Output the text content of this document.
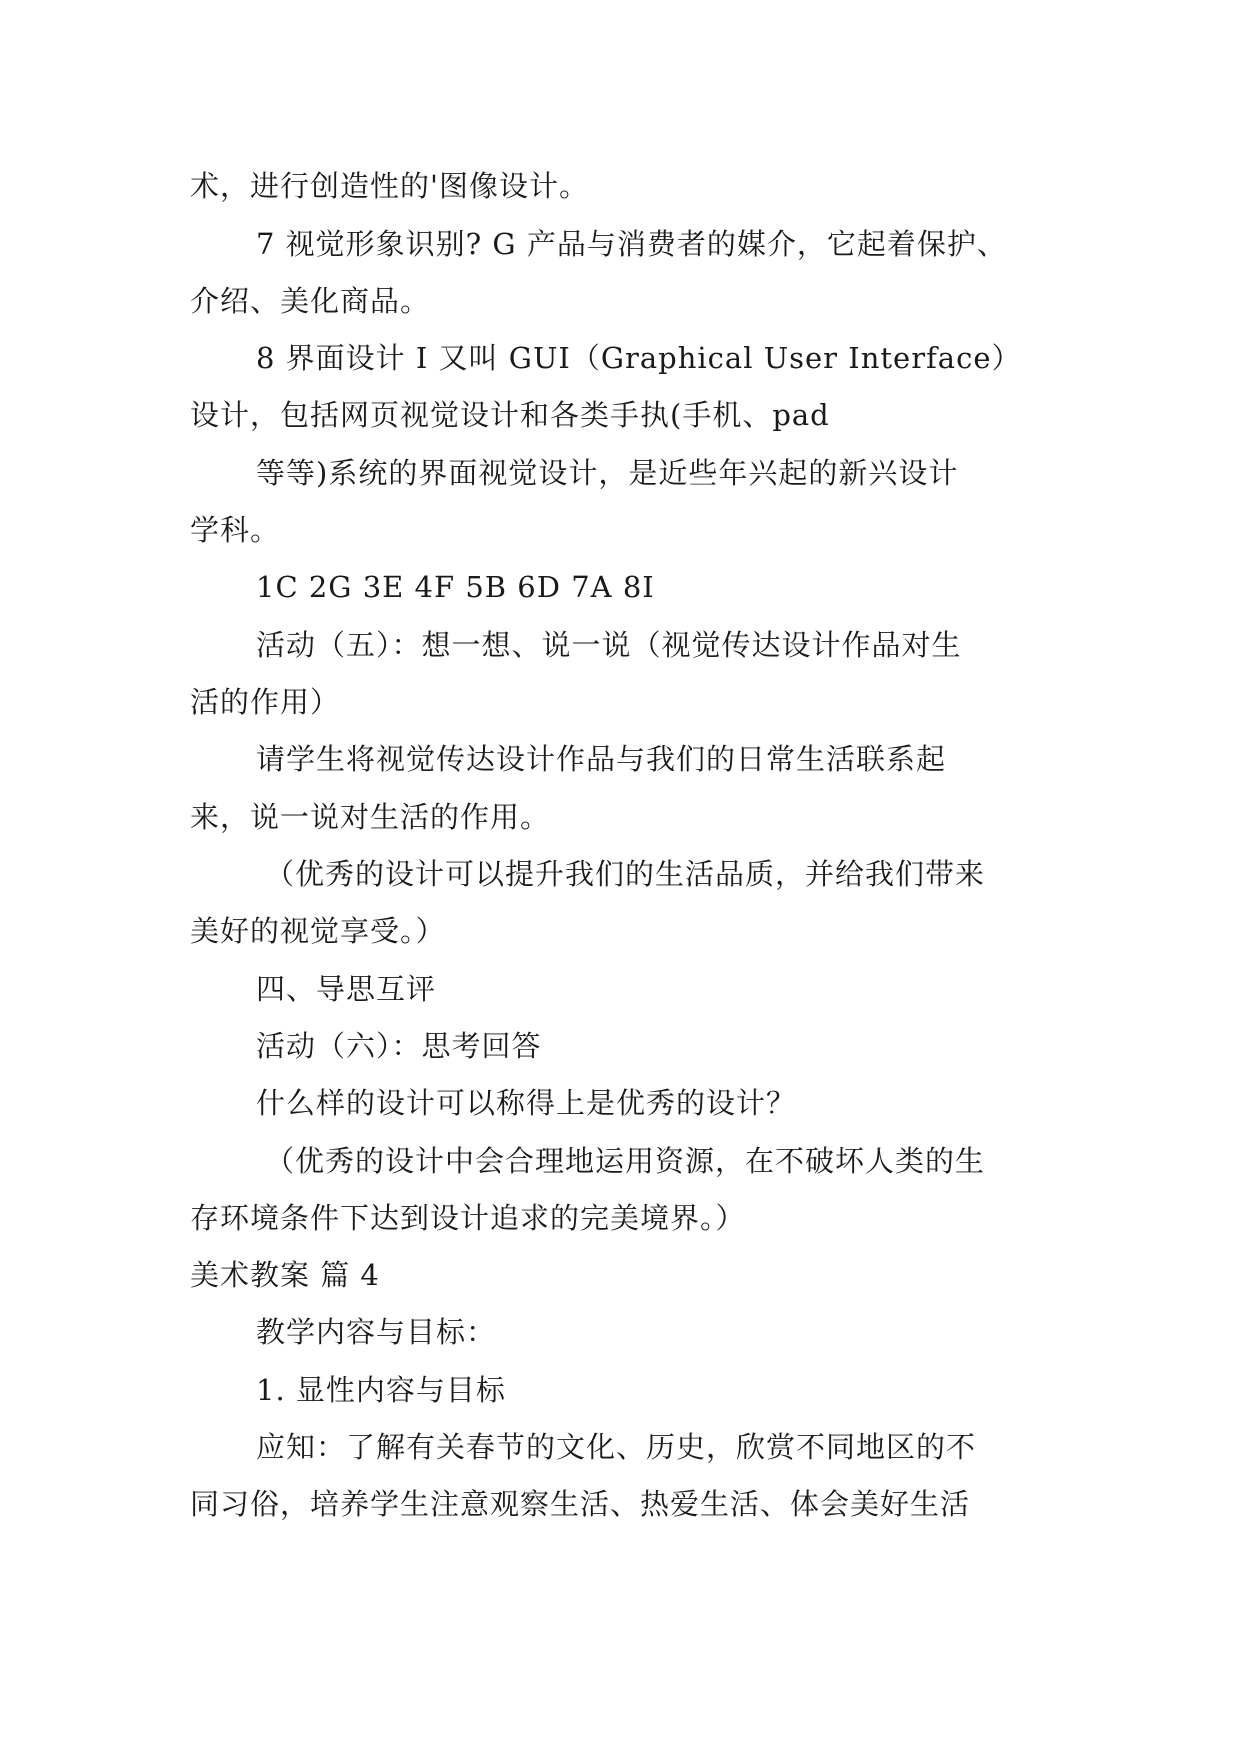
术，进行创造性的'图像设计。
7 视觉形象识别? G 产品与消费者的媒介，它起着保护、
介绍、美化商品。
8 界面设计 I 又叫 GUI（Graphical User Interface）
设计，包括网页视觉设计和各类手执(手机、pad
等等)系统的界面视觉设计，是近些年兴起的新兴设计
学科。
1C 2G 3E 4F 5B 6D 7A 8I
活动（五）：想一想、说一说（视觉传达设计作品对生
活的作用）
请学生将视觉传达设计作品与我们的日常生活联系起
来，说一说对生活的作用。
（优秀的设计可以提升我们的生活品质，并给我们带来
美好的视觉享受。）
四、导思互评
活动（六）：思考回答
什么样的设计可以称得上是优秀的设计？
（优秀的设计中会合理地运用资源，在不破坏人类的生
存环境条件下达到设计追求的完美境界。）
美术教案 篇 4
教学内容与目标：
1. 显性内容与目标
应知：了解有关春节的文化、历史，欣赏不同地区的不
同习俗，培养学生注意观察生活、热爱生活、体会美好生活
